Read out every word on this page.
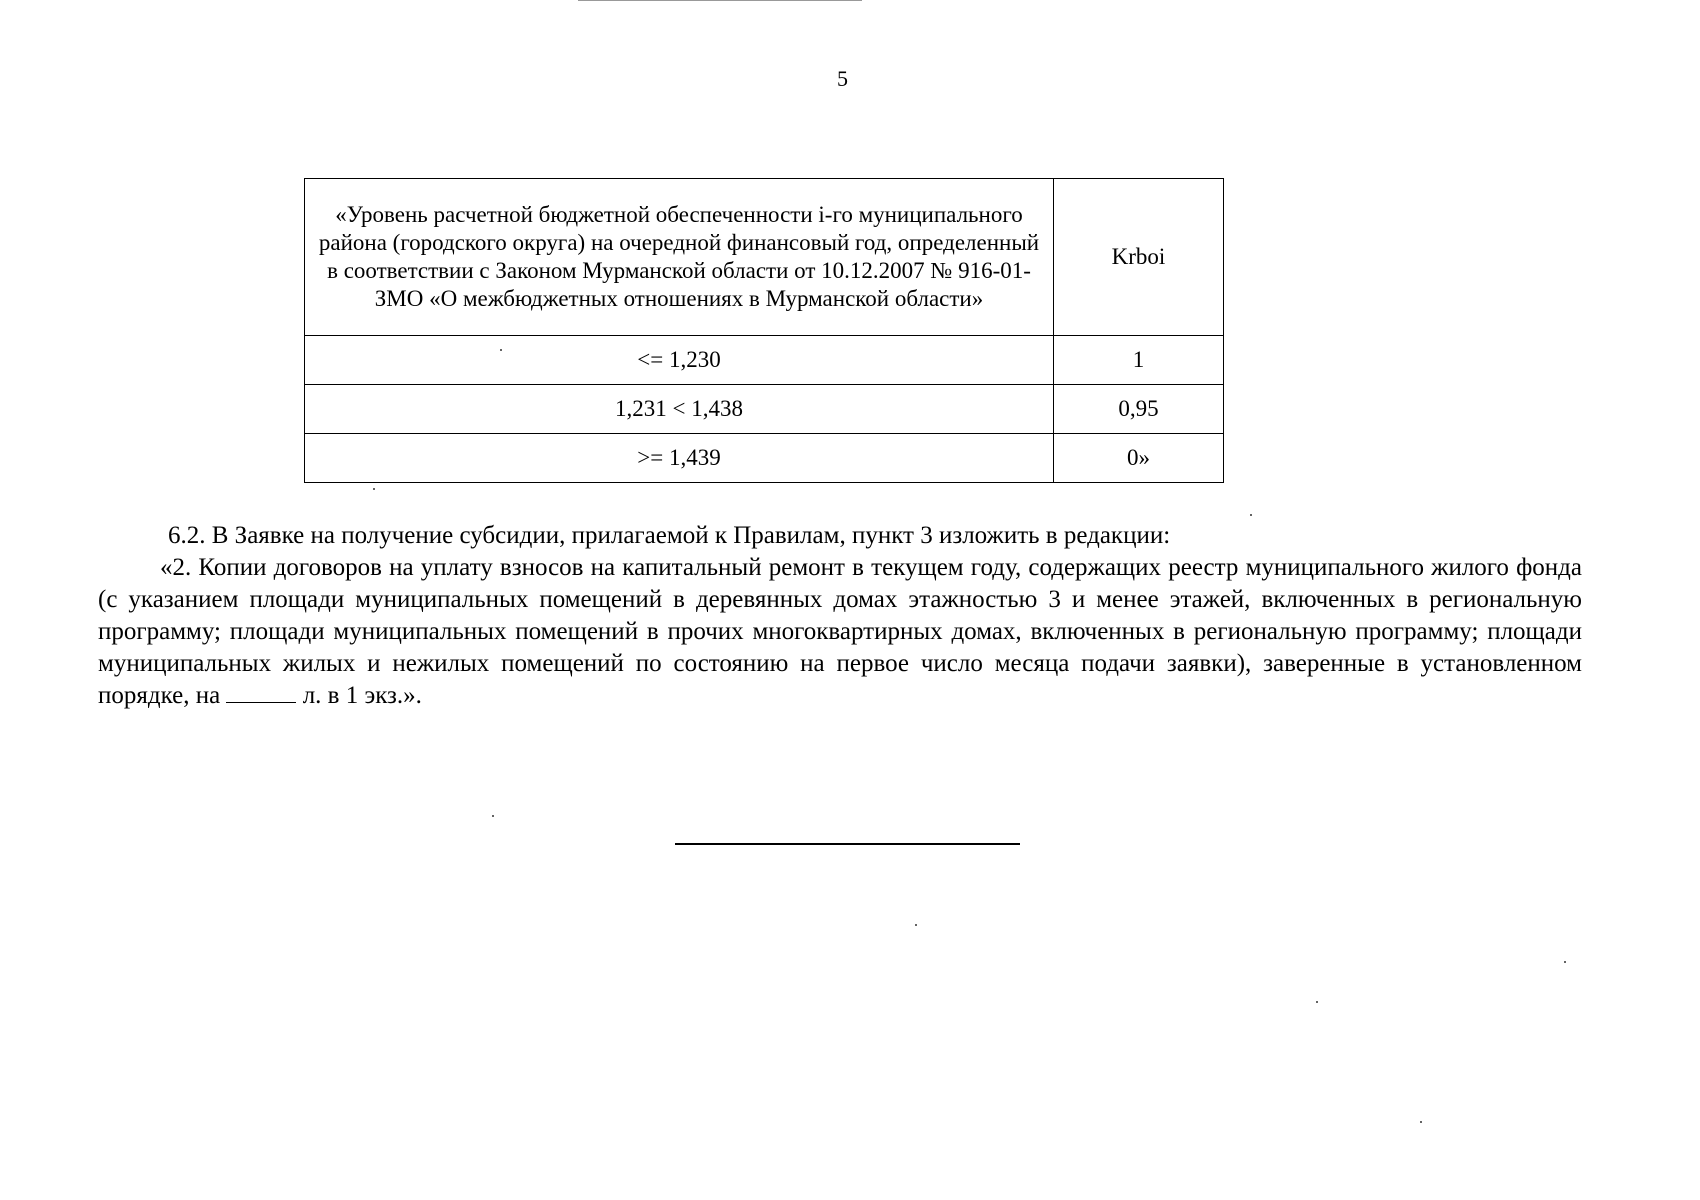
5
«Уровень расчетной бюджетной обеспеченности i-го муниципального района (городского округа) на очередной финансовый год, определенный в соответствии с Законом Мурманской области от 10.12.2007 № 916-01-ЗМО «О межбюджетных отношениях в Мурманской области»	Krboi
<= 1,230	1
1,231 < 1,438	0,95
>= 1,439	0»
6.2. В Заявке на получение субсидии, прилагаемой к Правилам, пункт 3 изложить в редакции:
«2. Копии договоров на уплату взносов на капитальный ремонт в текущем году, содержащих реестр муниципального жилого фонда (с указанием площади муниципальных помещений в деревянных домах этажностью 3 и менее этажей, включенных в региональную программу; площади муниципальных помещений в прочих многоквартирных домах, включенных в региональную программу; площади муниципальных жилых и нежилых помещений по состоянию на первое число месяца подачи заявки), заверенные в установленном порядке, на	л. в 1 экз.».
